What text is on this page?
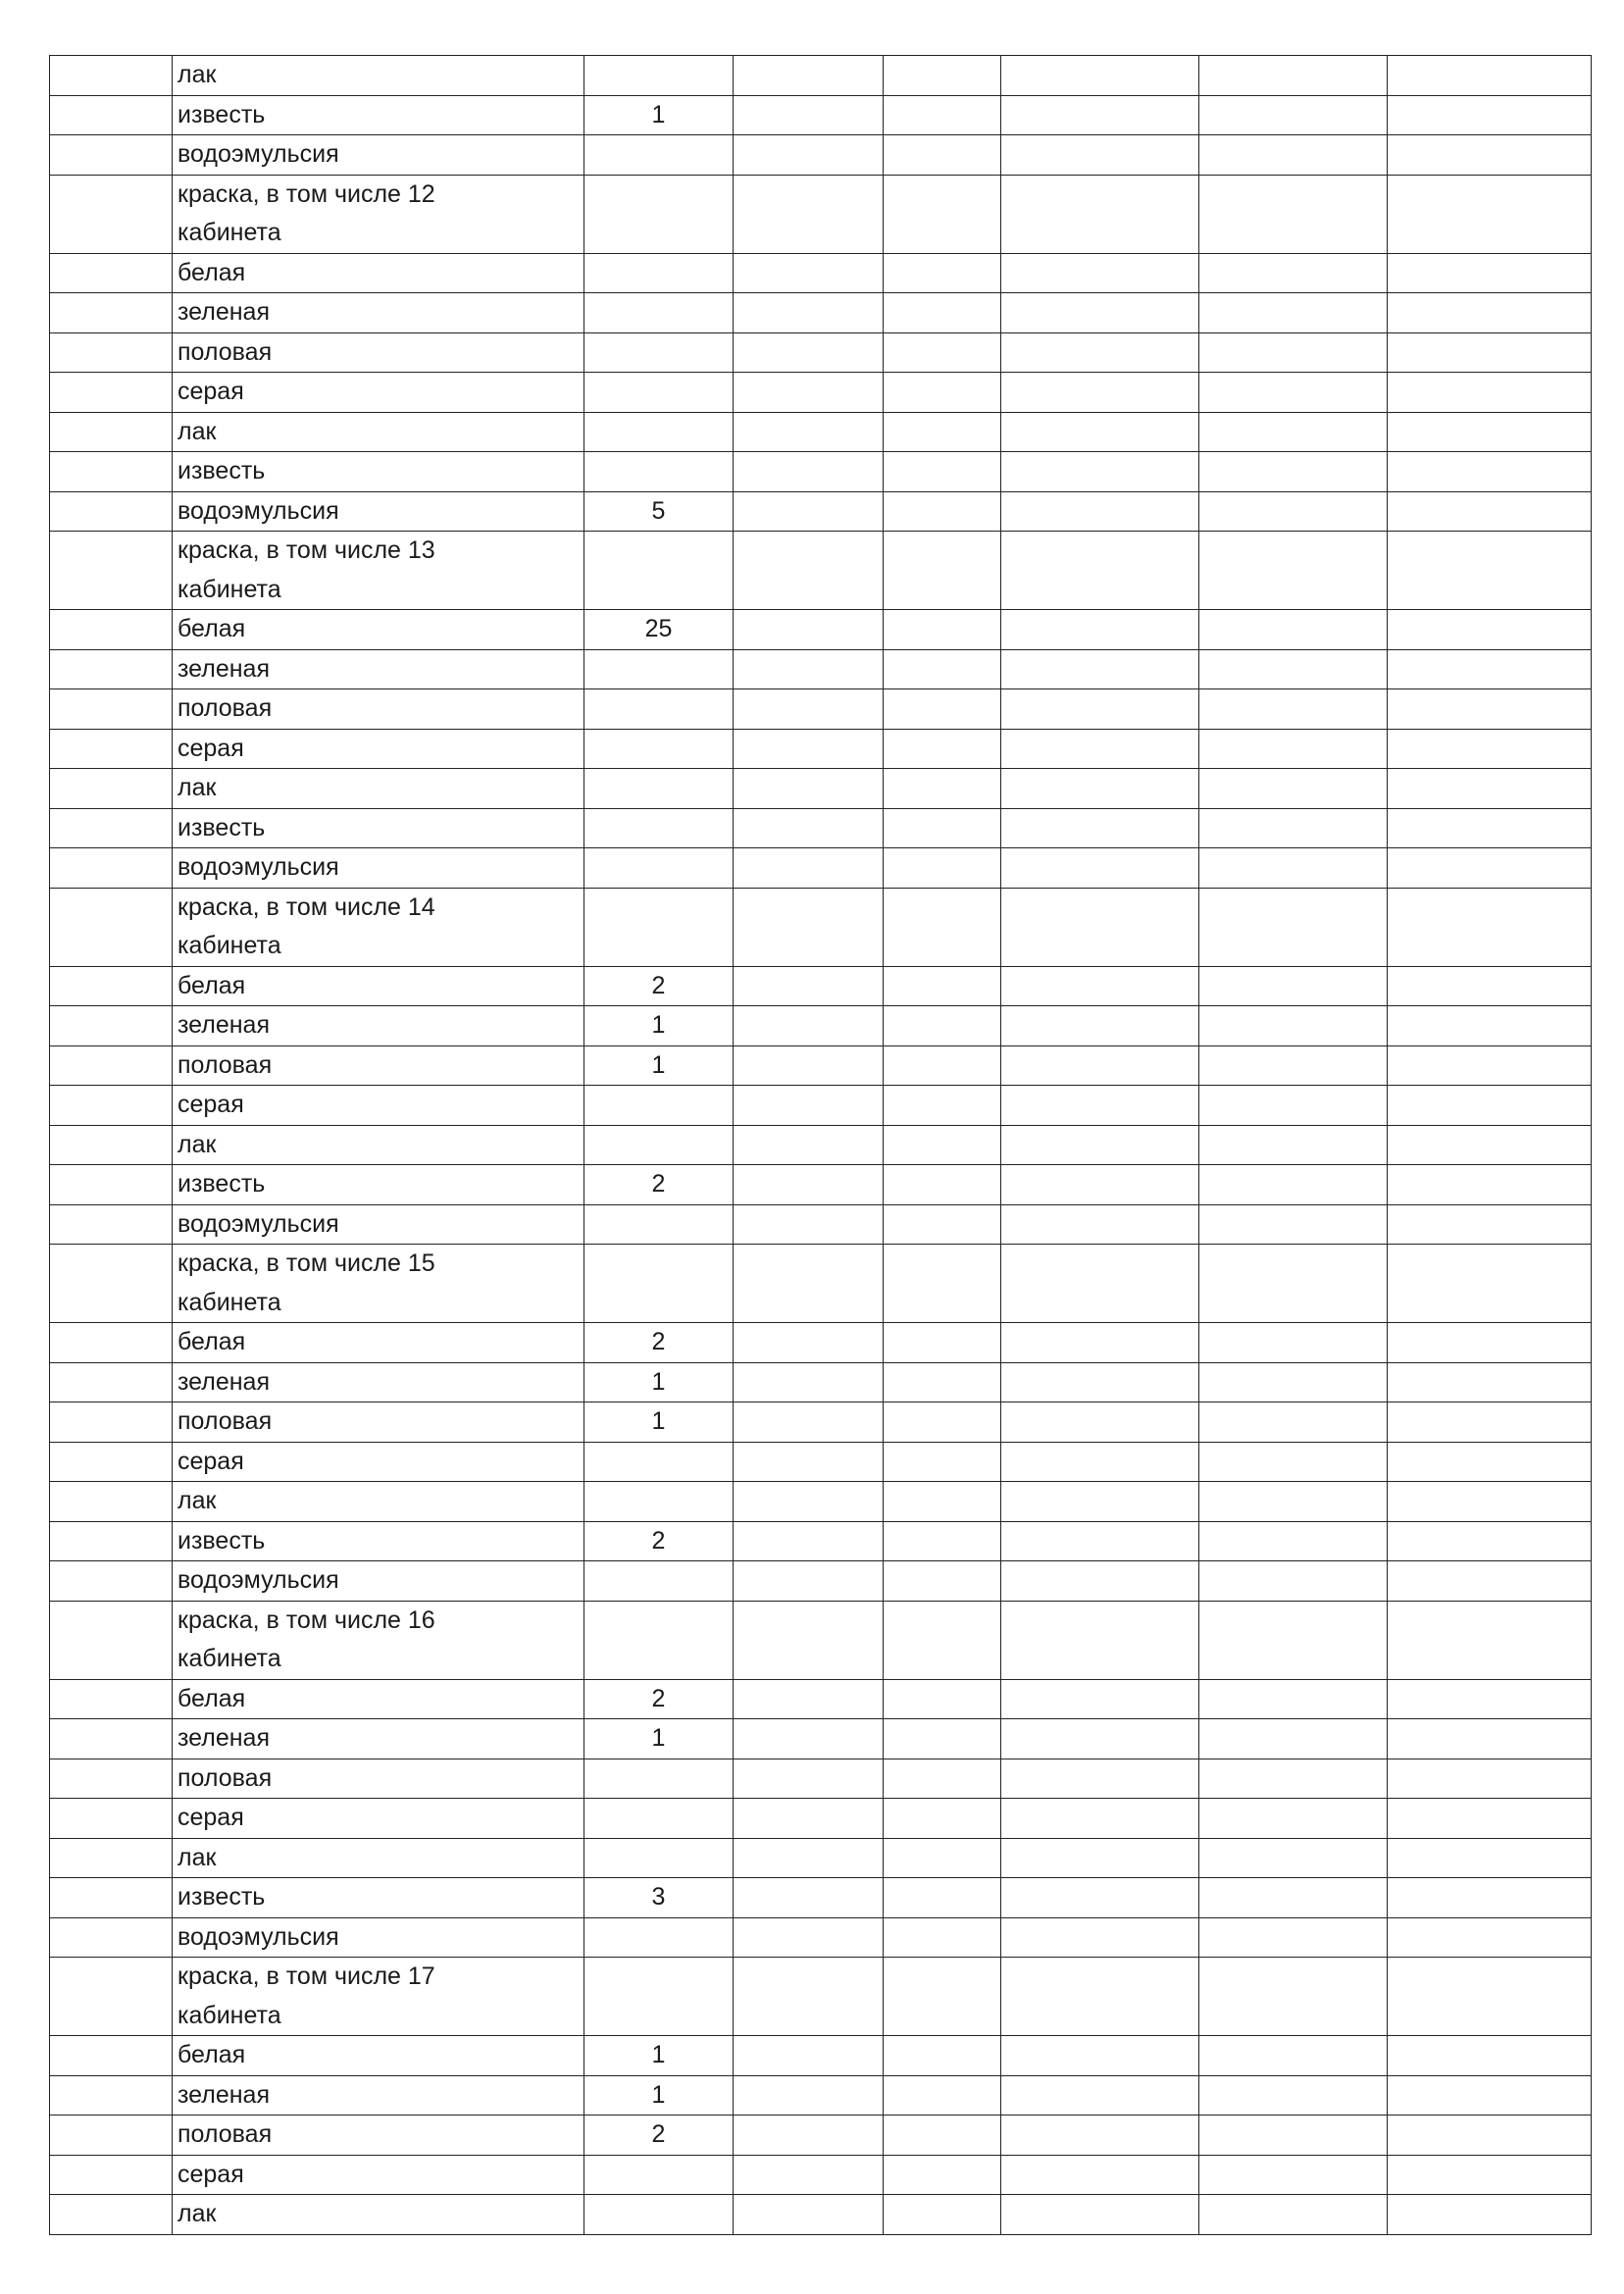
	лак						

	известь	1					

	водоэмульсия						

	краска, в том числе 12 кабинета						

	белая						

	зеленая						

	половая						

	серая						

	лак						

	известь						

	водоэмульсия	5					

	краска, в том числе 13 кабинета						

	белая	25					

	зеленая						

	половая						

	серая						

	лак						

	известь						

	водоэмульсия						

	краска, в том числе 14 кабинета						

	белая	2					

	зеленая	1					

	половая	1					

	серая						

	лак						

	известь	2					

	водоэмульсия						

	краска, в том числе 15 кабинета						

	белая	2					

	зеленая	1					

	половая	1					

	серая						

	лак						

	известь	2					

	водоэмульсия						

	краска, в том числе 16 кабинета						

	белая	2					

	зеленая	1					

	половая						

	серая						

	лак						

	известь	3					

	водоэмульсия						

	краска, в том числе 17 кабинета						

	белая	1					

	зеленая	1					

	половая	2					

	серая						

	лак						
